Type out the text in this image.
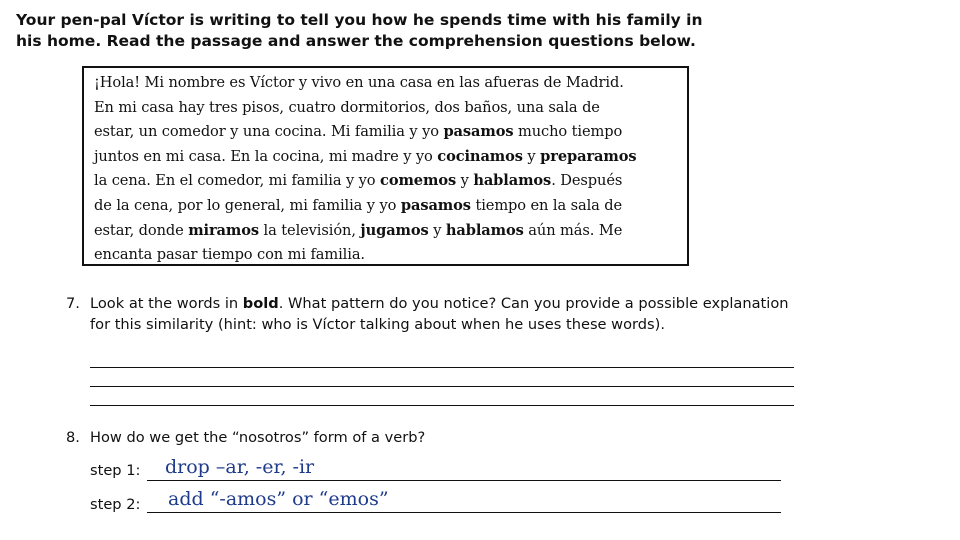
Your pen-pal Víctor is writing to tell you how he spends time with his family in
his home. Read the passage and answer the comprehension questions below.
¡Hola! Mi nombre es Víctor y vivo en una casa en las afueras de Madrid.
En mi casa hay tres pisos, cuatro dormitorios, dos baños, una sala de
estar, un comedor y una cocina. Mi familia y yo pasamos mucho tiempo
juntos en mi casa. En la cocina, mi madre y yo cocinamos y preparamos
la cena. En el comedor, mi familia y yo comemos y hablamos. Después
de la cena, por lo general, mi familia y yo pasamos tiempo en la sala de
estar, donde miramos la televisión, jugamos y hablamos aún más. Me
encanta pasar tiempo con mi familia.
7. Look at the words in bold. What pattern do you notice? Can you provide a possible explanation for this similarity (hint: who is Víctor talking about when he uses these words).
8. How do we get the “nosotros” form of a verb?
step 1: drop –ar, -er, -ir
step 2: add “-amos” or “emos”
